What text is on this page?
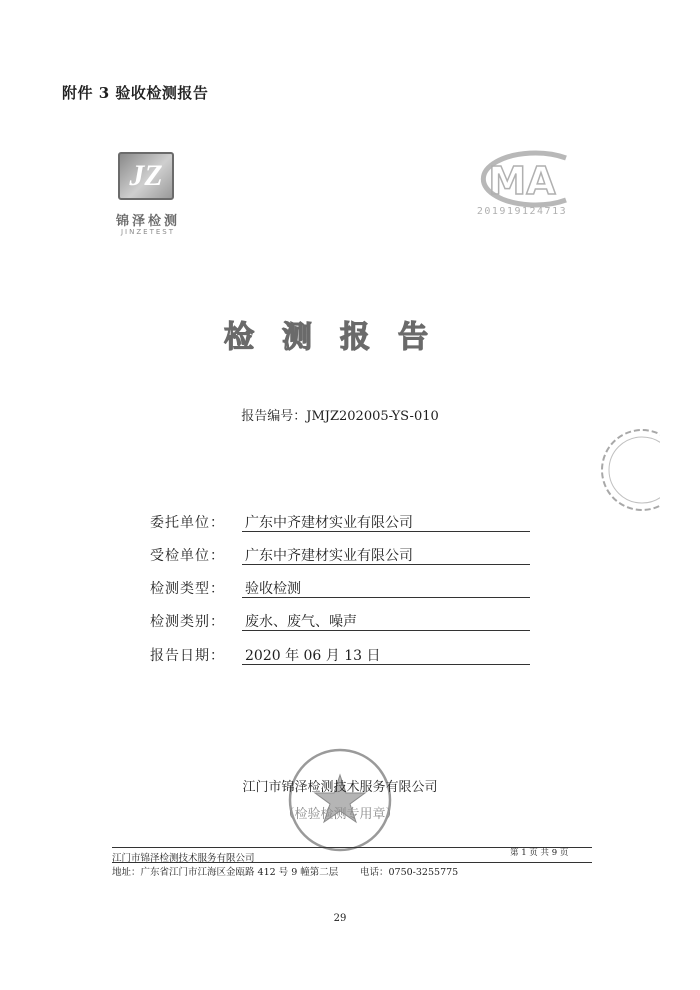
附件 3 验收检测报告
JZ
锦泽检测
JINZETEST
MA
201919124713
检测报告
报告编号：JMJZ202005-YS-010
委托单位：	广东中齐建材实业有限公司
受检单位：	广东中齐建材实业有限公司
检测类型：	验收检测
检测类别：	废水、废气、噪声
报告日期：	2020 年 06 月 13 日
江门市锦泽检测技术服务有限公司
（检验检测专用章）
江门市锦泽检测技术服务有限公司	第 1 页 共 9 页
地址：广东省江门市江海区金瓯路 412 号 9 幢第二层 电话：0750-3255775
29
